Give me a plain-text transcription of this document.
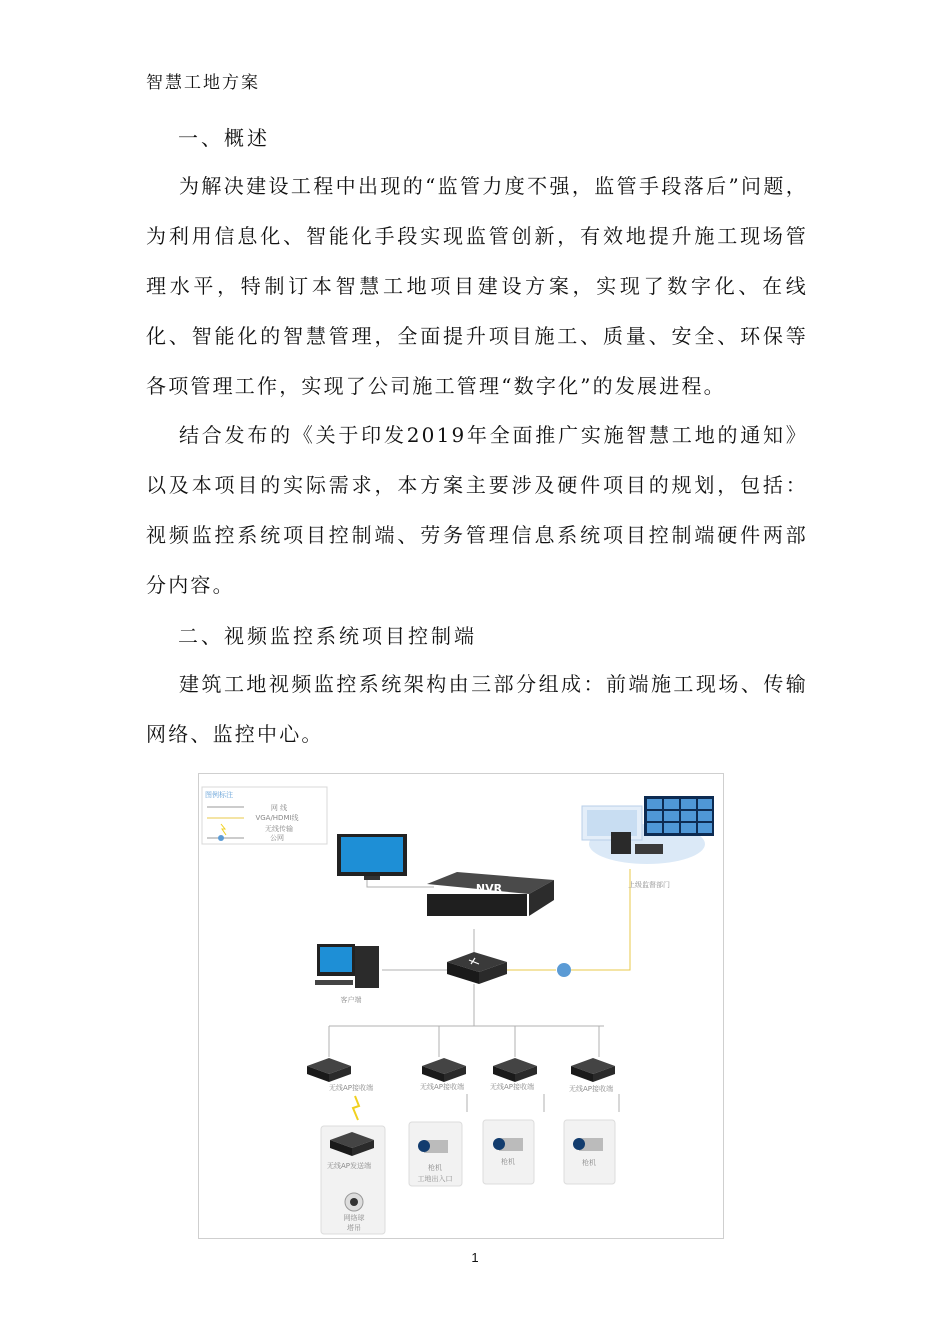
智慧工地方案
一、概述

为解决建设工程中出现的“监管力度不强，监管手段落后”问题，为利用信息化、智能化手段实现监管创新，有效地提升施工现场管理水平，特制订本智慧工地项目建设方案，实现了数字化、在线化、智能化的智慧管理，全面提升项目施工、质量、安全、环保等各项管理工作，实现了公司施工管理“数字化”的发展进程。

结合发布的《关于印发2019年全面推广实施智慧工地的通知》以及本项目的实际需求，本方案主要涉及硬件项目的规划，包括：视频监控系统项目控制端、劳务管理信息系统项目控制端硬件两部分内容。

二、视频监控系统项目控制端

建筑工地视频监控系统架构由三部分组成：前端施工现场、传输网络、监控中心。

图例标注
网 线
VGA/HDMI线
无线传输
公网
NVR
客户端
上级监督部门
无线AP接收端	无线AP接收端	无线AP接收端	无线AP接收端
无线AP发送端
网络球
塔吊
枪机
工地出入口
枪机	枪机
1
